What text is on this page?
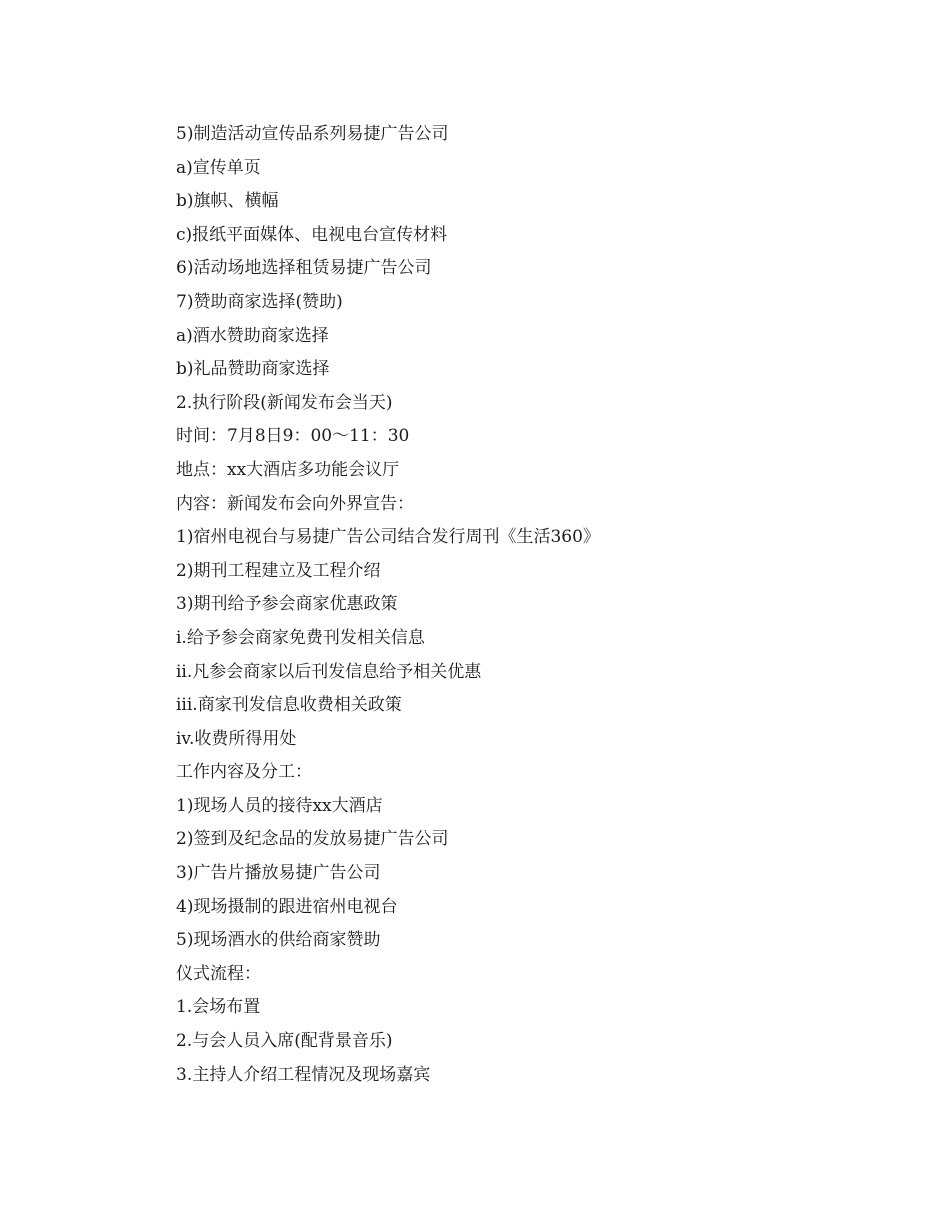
5)制造活动宣传品系列易捷广告公司
a)宣传单页
b)旗帜、横幅
c)报纸平面媒体、电视电台宣传材料
6)活动场地选择租赁易捷广告公司
7)赞助商家选择(赞助)
a)酒水赞助商家选择
b)礼品赞助商家选择
2.执行阶段(新闻发布会当天)
时间：7月8日9：00～11：30
地点：xx大酒店多功能会议厅
内容：新闻发布会向外界宣告：
1)宿州电视台与易捷广告公司结合发行周刊《生活360》
2)期刊工程建立及工程介绍
3)期刊给予参会商家优惠政策
i.给予参会商家免费刊发相关信息
ii.凡参会商家以后刊发信息给予相关优惠
iii.商家刊发信息收费相关政策
iv.收费所得用处
工作内容及分工：
1)现场人员的接待xx大酒店
2)签到及纪念品的发放易捷广告公司
3)广告片播放易捷广告公司
4)现场摄制的跟进宿州电视台
5)现场酒水的供给商家赞助
仪式流程：
1.会场布置
2.与会人员入席(配背景音乐)
3.主持人介绍工程情况及现场嘉宾
